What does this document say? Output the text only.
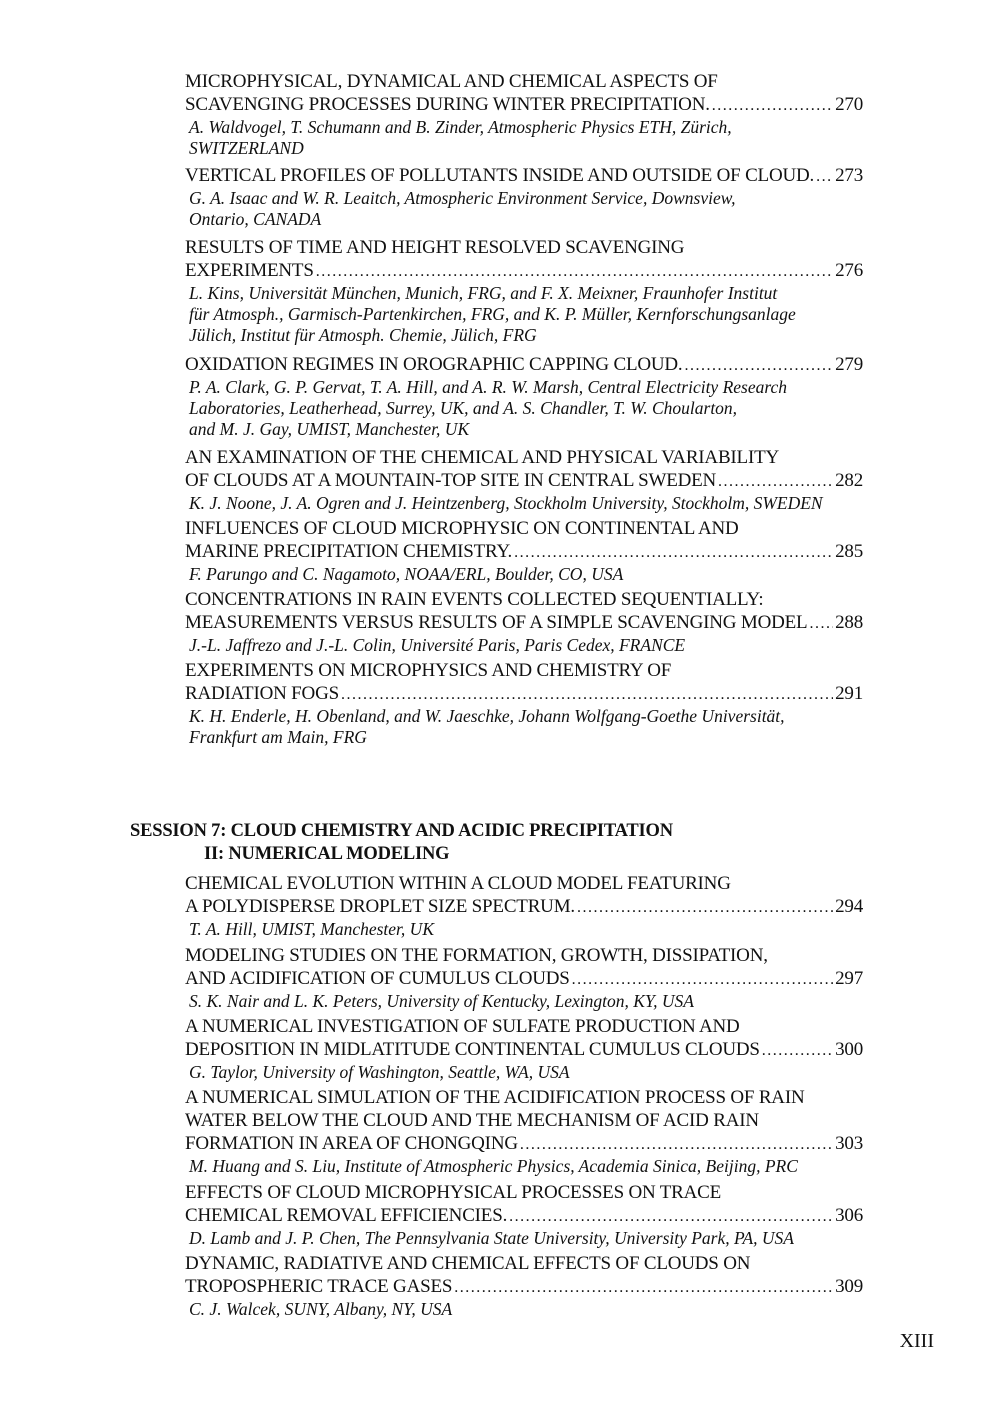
MICROPHYSICAL, DYNAMICAL AND CHEMICAL ASPECTS OF
SCAVENGING PROCESSES DURING WINTER PRECIPITATION. .....	270
A. Waldvogel, T. Schumann and B. Zinder, Atmospheric Physics ETH, Zürich,
SWITZERLAND
VERTICAL PROFILES OF POLLUTANTS INSIDE AND OUTSIDE OF CLOUD. ..... 273
G. A. Isaac and W. R. Leaitch, Atmospheric Environment Service, Downsview,
Ontario, CANADA
RESULTS OF TIME AND HEIGHT RESOLVED SCAVENGING
EXPERIMENTS .....	276
L. Kins, Universität München, Munich, FRG, and F. X. Meixner, Fraunhofer Institut
für Atmosph., Garmisch-Partenkirchen, FRG, and K. P. Müller, Kernforschungsanlage
Jülich, Institut für Atmosph. Chemie, Jülich, FRG
OXIDATION REGIMES IN OROGRAPHIC CAPPING CLOUD. .....	279
P. A. Clark, G. P. Gervat, T. A. Hill, and A. R. W. Marsh, Central Electricity Research
Laboratories, Leatherhead, Surrey, UK, and A. S. Chandler, T. W. Choularton,
and M. J. Gay, UMIST, Manchester, UK
AN EXAMINATION OF THE CHEMICAL AND PHYSICAL VARIABILITY
OF CLOUDS AT A MOUNTAIN-TOP SITE IN CENTRAL SWEDEN .....	282
K. J. Noone, J. A. Ogren and J. Heintzenberg, Stockholm University, Stockholm, SWEDEN
INFLUENCES OF CLOUD MICROPHYSIC ON CONTINENTAL AND
MARINE PRECIPITATION CHEMISTRY. .....	285
F. Parungo and C. Nagamoto, NOAA/ERL, Boulder, CO, USA
CONCENTRATIONS IN RAIN EVENTS COLLECTED SEQUENTIALLY:
MEASUREMENTS VERSUS RESULTS OF A SIMPLE SCAVENGING MODEL ..... 288
J.-L. Jaffrezo and J.-L. Colin, Université Paris, Paris Cedex, FRANCE
EXPERIMENTS ON MICROPHYSICS AND CHEMISTRY OF
RADIATION FOGS .....	291
K. H. Enderle, H. Obenland, and W. Jaeschke, Johann Wolfgang-Goethe Universität,
Frankfurt am Main, FRG
SESSION 7: CLOUD CHEMISTRY AND ACIDIC PRECIPITATION
II: NUMERICAL MODELING
CHEMICAL EVOLUTION WITHIN A CLOUD MODEL FEATURING
A POLYDISPERSE DROPLET SIZE SPECTRUM. .....	294
T. A. Hill, UMIST, Manchester, UK
MODELING STUDIES ON THE FORMATION, GROWTH, DISSIPATION,
AND ACIDIFICATION OF CUMULUS CLOUDS .....	297
S. K. Nair and L. K. Peters, University of Kentucky, Lexington, KY, USA
A NUMERICAL INVESTIGATION OF SULFATE PRODUCTION AND
DEPOSITION IN MIDLATITUDE CONTINENTAL CUMULUS CLOUDS .....	300
G. Taylor, University of Washington, Seattle, WA, USA
A NUMERICAL SIMULATION OF THE ACIDIFICATION PROCESS OF RAIN
WATER BELOW THE CLOUD AND THE MECHANISM OF ACID RAIN
FORMATION IN AREA OF CHONGQING .....	303
M. Huang and S. Liu, Institute of Atmospheric Physics, Academia Sinica, Beijing, PRC
EFFECTS OF CLOUD MICROPHYSICAL PROCESSES ON TRACE
CHEMICAL REMOVAL EFFICIENCIES. .....	306
D. Lamb and J. P. Chen, The Pennsylvania State University, University Park, PA, USA
DYNAMIC, RADIATIVE AND CHEMICAL EFFECTS OF CLOUDS ON
TROPOSPHERIC TRACE GASES .....	309
C. J. Walcek, SUNY, Albany, NY, USA
XIII
